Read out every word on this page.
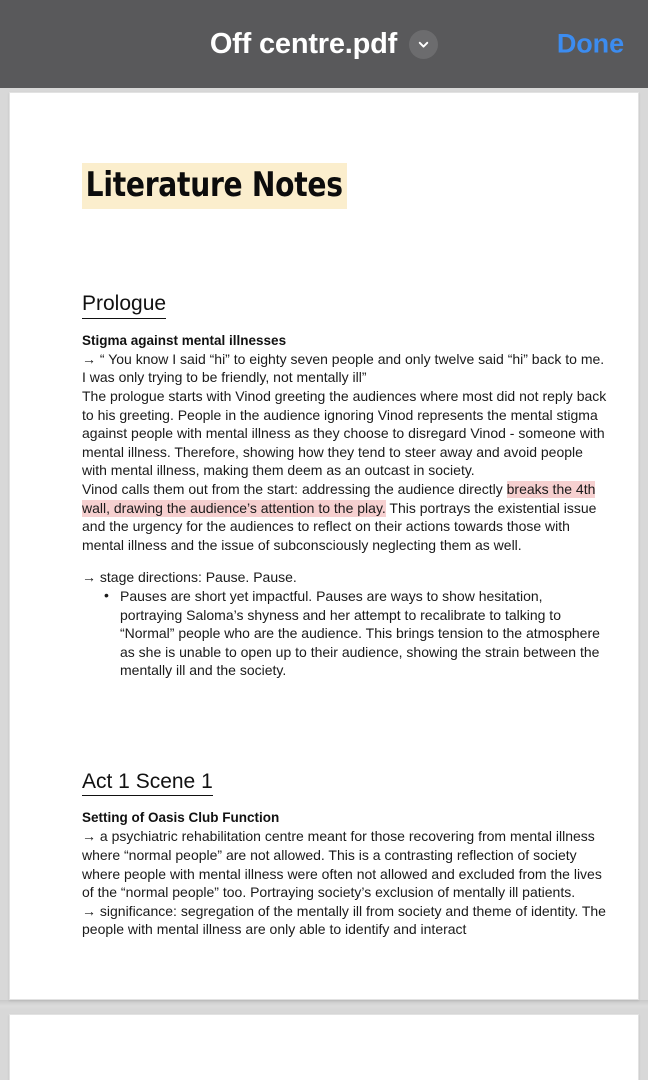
Off centre.pdf	Done
Literature Notes
Prologue
Stigma against mental illnesses

→ “ You know I said “hi” to eighty seven people and only twelve said “hi” back to me. I was only trying to be friendly, not mentally ill”

The prologue starts with Vinod greeting the audiences where most did not reply back to his greeting. People in the audience ignoring Vinod represents the mental stigma against people with mental illness as they choose to disregard Vinod - someone with mental illness. Therefore, showing how they tend to steer away and avoid people with mental illness, making them deem as an outcast in society.

Vinod calls them out from the start: addressing the audience directly breaks the 4th wall, drawing the audience’s attention to the play. This portrays the existential issue and the urgency for the audiences to reflect on their actions towards those with mental illness and the issue of subconsciously neglecting them as well.

→ stage directions: Pause. Pause.

• Pauses are short yet impactful. Pauses are ways to show hesitation, portraying Saloma’s shyness and her attempt to recalibrate to talking to “Normal” people who are the audience. This brings tension to the atmosphere as she is unable to open up to their audience, showing the strain between the mentally ill and the society.
Act 1 Scene 1
Setting of Oasis Club Function

→ a psychiatric rehabilitation centre meant for those recovering from mental illness where “normal people” are not allowed. This is a contrasting reflection of society where people with mental illness were often not allowed and excluded from the lives of the “normal people” too. Portraying society’s exclusion of mentally ill patients.

→ significance: segregation of the mentally ill from society and theme of identity. The people with mental illness are only able to identify and interact
